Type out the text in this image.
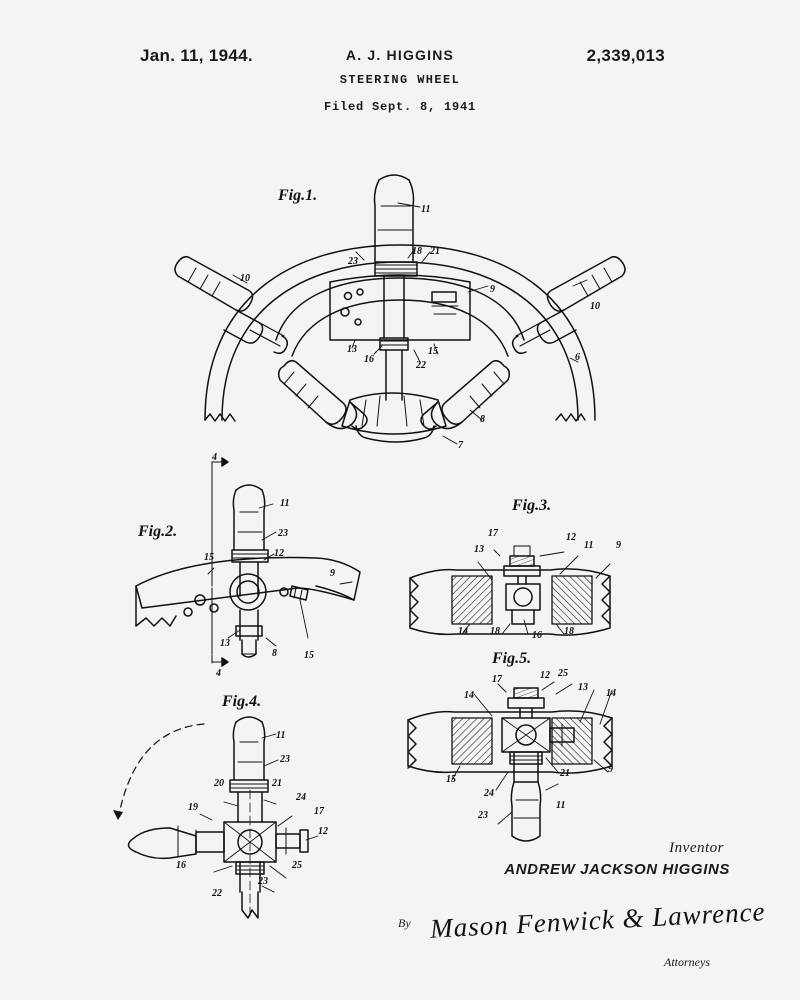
Jan. 11, 1944.	A. J. HIGGINS	2,339,013
STEERING WHEEL
Filed Sept. 8, 1941
Fig.1.
Fig.2.
Fig.3.
Fig.4.
Fig.5.
11
23
18 21
9
10
10
13
16
15
22
6
8
7
4
4
11
23
15	12
9
13
8	15
17	12
13	11 9
14 18	16 18
11
23
20	21
19
24
17
12
16	25
23
22
17	12 25
14
13
14
15
21	9
24
11
23
Inventor
ANDREW JACKSON HIGGINS
By Mason Fenwick & Lawrence
Attorneys
